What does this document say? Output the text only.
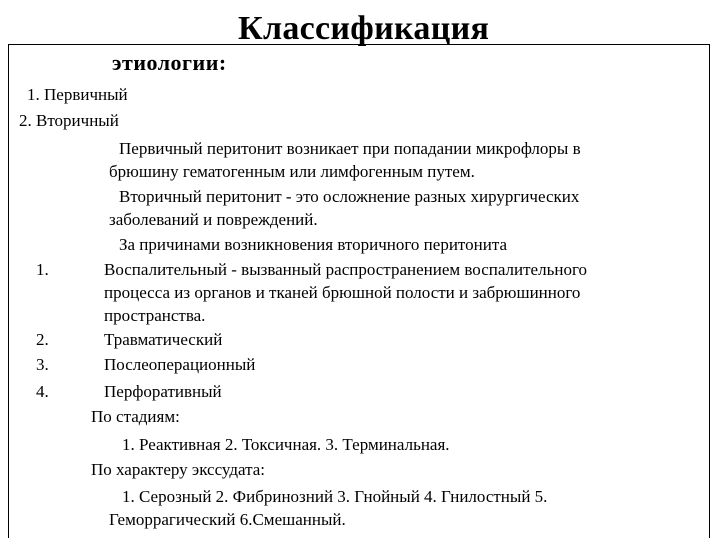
Классификация
этиологии:
1. Первичный
2. Вторичный
Первичный перитонит возникает при попадании микрофлоры в
брюшину гематогенным или лимфогенным путем.
Вторичный перитонит - это осложнение разных хирургических
заболеваний и повреждений.
За причинами возникновения вторичного перитонита
1.	Воспалительный - вызванный распространением воспалительного
процесса из органов и тканей брюшной полости и забрюшинного
пространства.
2.	Травматический
3.	Послеоперационный
4.	Перфоративный
По стадиям:
1. Реактивная 2. Токсичная. 3. Терминальная.
По характеру экссудата:
1. Серозный 2. Фибринозний 3. Гнойный 4. Гнилостный 5.
Геморрагический 6.Смешанный.
